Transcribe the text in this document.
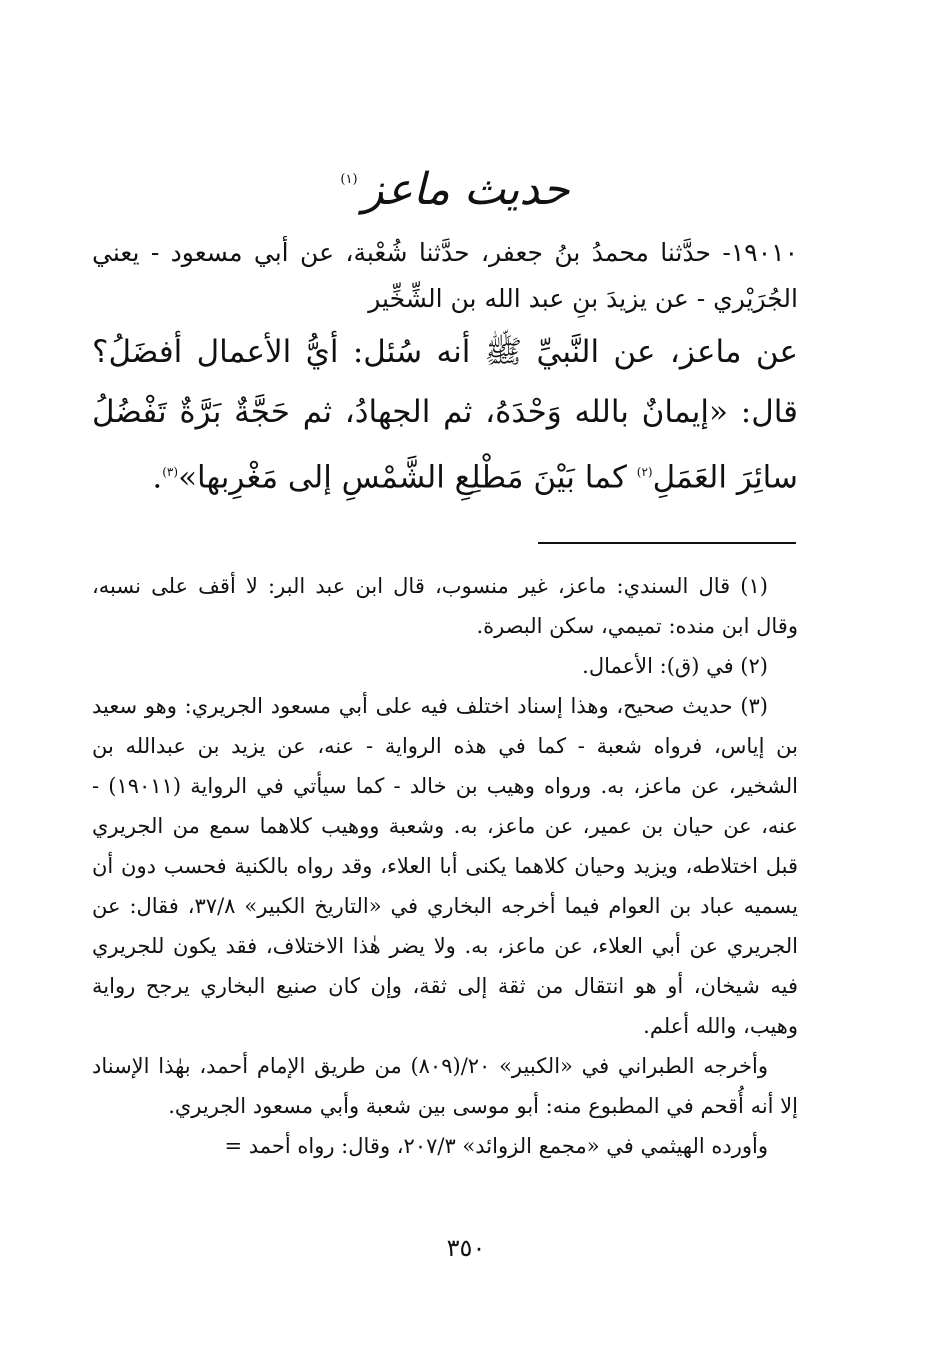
حديث ماعز
(١)
١٩٠١٠- حدَّثنا محمدُ بنُ جعفر، حدَّثنا شُعْبة، عن أبي مسعود - يعني الجُرَيْري - عن يزيدَ بنِ عبد الله بن الشِّخِّير
عن ماعز، عن النَّبيِّ ﷺ أنه سُئل: أيُّ الأعمال أفضَلُ؟ قال: «إيمانٌ بالله وَحْدَهُ، ثم الجهادُ، ثم حَجَّةٌ بَرَّةٌ تَفْضُلُ سائِرَ العَمَلِ$^{(٢)}$ كما بَيْنَ مَطْلِعِ الشَّمْسِ إلى مَغْرِبها»$^{(٣)}$.

(١) قال السندي: ماعز، غير منسوب، قال ابن عبد البر: لا أقف على نسبه، وقال ابن منده: تميمي، سكن البصرة.

(٢) في (ق): الأعمال.

(٣) حديث صحيح، وهذا إسناد اختلف فيه على أبي مسعود الجريري: وهو سعيد بن إياس، فرواه شعبة - كما في هذه الرواية - عنه، عن يزيد بن عبدالله بن الشخير، عن ماعز، به. ورواه وهيب بن خالد - كما سيأتي في الرواية (١٩٠١١) - عنه، عن حيان بن عمير، عن ماعز، به. وشعبة ووهيب كلاهما سمع من الجريري قبل اختلاطه، ويزيد وحيان كلاهما يكنى أبا العلاء، وقد رواه بالكنية فحسب دون أن يسميه عباد بن العوام فيما أخرجه البخاري في «التاريخ الكبير» ٨/‏٣٧، فقال: عن الجريري عن أبي العلاء، عن ماعز، به. ولا يضر هٰذا الاختلاف، فقد يكون للجريري فيه شيخان، أو هو انتقال من ثقة إلى ثقة، وإن كان صنيع البخاري يرجح رواية وهيب، والله أعلم.

وأخرجه الطبراني في «الكبير» ٢٠/‏(٨٠٩) من طريق الإمام أحمد، بهٰذا الإسناد إلا أنه أُقحم في المطبوع منه: أبو موسى بين شعبة وأبي مسعود الجريري.

وأورده الهيثمي في «مجمع الزوائد» ٣/‏٢٠٧، وقال: رواه أحمد =

٣٥٠
